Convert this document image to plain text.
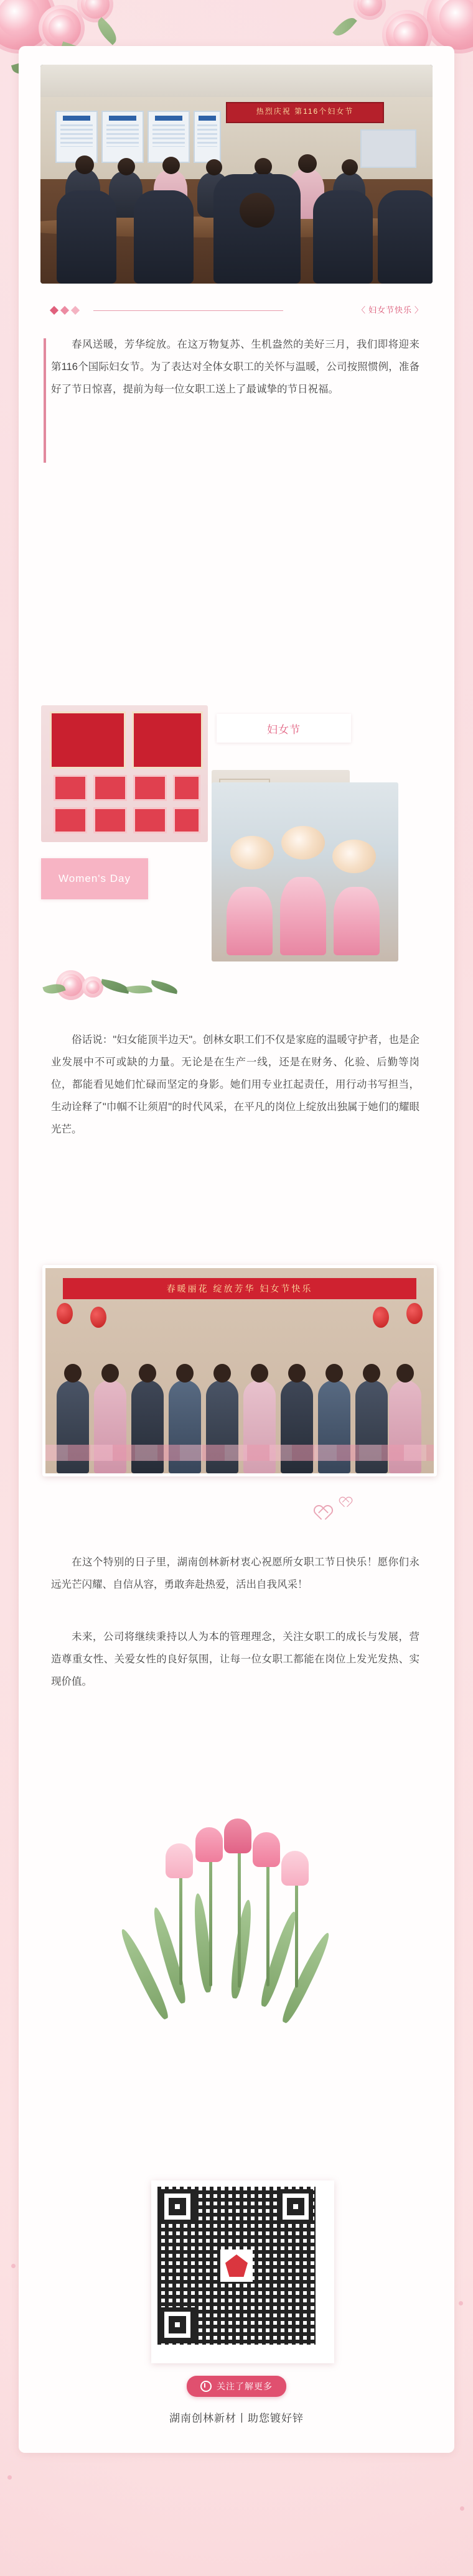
热烈庆祝 第116个妇女节
〈 妇女节快乐 〉
春风送暖，芳华绽放。在这万物复苏、生机盎然的美好三月，我们即将迎来第116个国际妇女节。为了表达对全体女职工的关怀与温暖，公司按照惯例，准备好了节日惊喜，提前为每一位女职工送上了最诚挚的节日祝福。
妇女节
Women's Day
俗话说："妇女能顶半边天"。创林女职工们不仅是家庭的温暖守护者，也是企业发展中不可或缺的力量。无论是在生产一线，还是在财务、化验、后勤等岗位，都能看见她们忙碌而坚定的身影。她们用专业扛起责任，用行动书写担当，生动诠释了"巾帼不让须眉"的时代风采，在平凡的岗位上绽放出独属于她们的耀眼光芒。
春暖丽花 绽放芳华 妇女节快乐
在这个特别的日子里，湖南创林新材衷心祝愿所女职工节日快乐！愿你们永远光芒闪耀、自信从容，勇敢奔赴热爱，活出自我风采！
未来，公司将继续秉持以人为本的管理理念，关注女职工的成长与发展，营造尊重女性、关爱女性的良好氛围，让每一位女职工都能在岗位上发光发热、实现价值。
关注了解更多
湖南创林新材丨助您镀好锌
